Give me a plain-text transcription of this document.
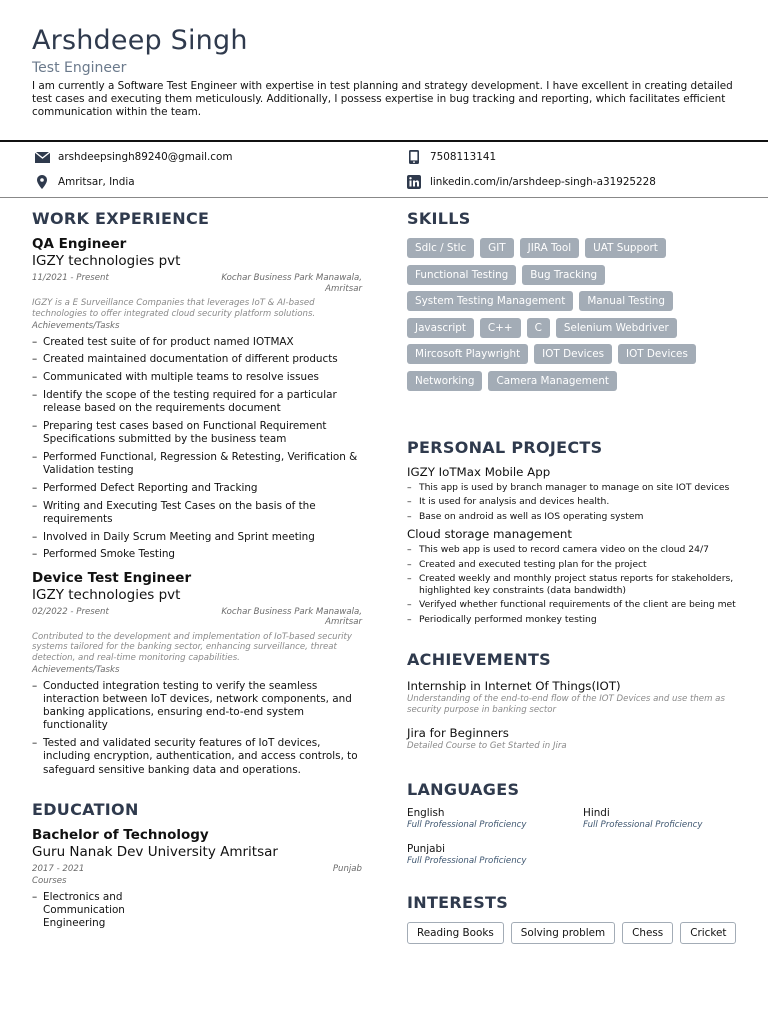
Arshdeep Singh
Test Engineer
I am currently a Software Test Engineer with expertise in test planning and strategy development. I have excellent in creating detailed test cases and executing them meticulously. Additionally, I possess expertise in bug tracking and reporting, which facilitates efficient communication within the team.
arshdeepsingh89240@gmail.com	7508113141
Amritsar, India	linkedin.com/in/arshdeep-singh-a31925228
WORK EXPERIENCE
QA Engineer
IGZY technologies pvt
11/2021 - Present	Kochar Business Park Manawala, Amritsar
IGZY is a E Surveillance Companies that leverages IoT & AI-based technologies to offer integrated cloud security platform solutions.
Achievements/Tasks
– Created test suite of for product named IOTMAX
– Created maintained documentation of different products
– Communicated with multiple teams to resolve issues
– Identify the scope of the testing required for a particular release based on the requirements document
– Preparing test cases based on Functional Requirement Specifications submitted by the business team
– Performed Functional, Regression & Retesting, Verification & Validation testing
– Performed Defect Reporting and Tracking
– Writing and Executing Test Cases on the basis of the requirements
– Involved in Daily Scrum Meeting and Sprint meeting
– Performed Smoke Testing
Device Test Engineer
IGZY technologies pvt
02/2022 - Present	Kochar Business Park Manawala, Amritsar
Contributed to the development and implementation of IoT-based security systems tailored for the banking sector, enhancing surveillance, threat detection, and real-time monitoring capabilities.
Achievements/Tasks
– Conducted integration testing to verify the seamless interaction between IoT devices, network components, and banking applications, ensuring end-to-end system functionality
– Tested and validated security features of IoT devices, including encryption, authentication, and access controls, to safeguard sensitive banking data and operations.
EDUCATION
Bachelor of Technology
Guru Nanak Dev University Amritsar
2017 - 2021	Punjab
Courses
– Electronics and Communication Engineering
SKILLS
Sdlc / Stlc	GIT	JIRA Tool	UAT Support
Functional Testing	Bug Tracking
System Testing Management	Manual Testing
Javascript	C++	C	Selenium Webdriver
Mircosoft Playwright	IOT Devices	IOT Devices
Networking	Camera Management
PERSONAL PROJECTS
IGZY IoTMax Mobile App
– This app is used by branch manager to manage on site IOT devices
– It is used for analysis and devices health.
– Base on android as well as IOS operating system
Cloud storage management
– This web app is used to record camera video on the cloud 24/7
– Created and executed testing plan for the project
– Created weekly and monthly project status reports for stakeholders, highlighted key constraints (data bandwidth)
– Verifyed whether functional requirements of the client are being met
– Periodically performed monkey testing
ACHIEVEMENTS
Internship in Internet Of Things(IOT)
Understanding of the end-to-end flow of the IOT Devices and use them as security purpose in banking sector
Jira for Beginners
Detailed Course to Get Started in Jira
LANGUAGES
English
Full Professional Proficiency
Hindi
Full Professional Proficiency
Punjabi
Full Professional Proficiency
INTERESTS
Reading Books	Solving problem	Chess	Cricket
